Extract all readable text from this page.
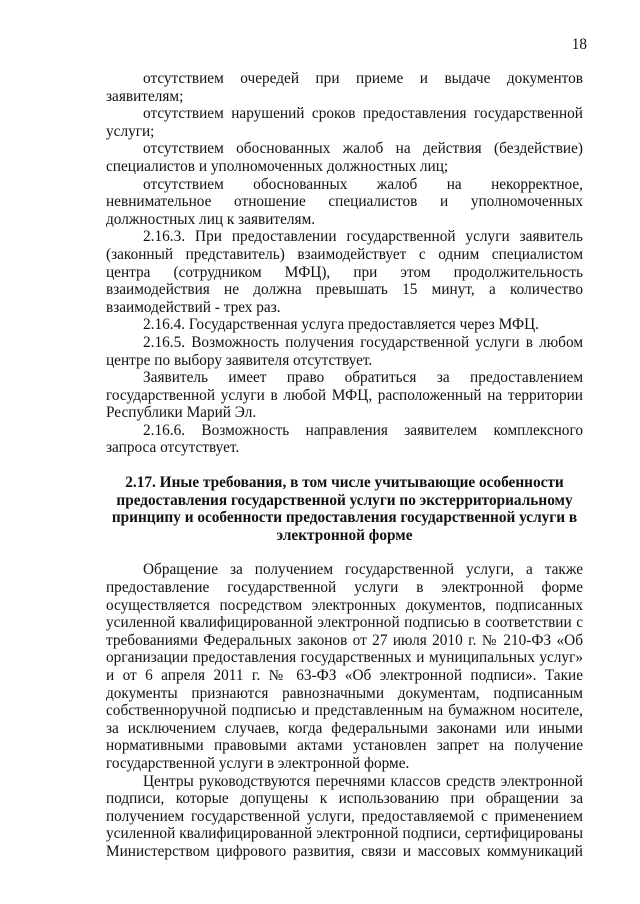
18

отсутствием очередей при приеме и выдаче документов заявителям;

отсутствием нарушений сроков предоставления государственной услуги;

отсутствием обоснованных жалоб на действия (бездействие) специалистов и уполномоченных должностных лиц;

отсутствием обоснованных жалоб на некорректное, невнимательное отношение специалистов и уполномоченных должностных лиц к заявителям.

2.16.3. При предоставлении государственной услуги заявитель (законный представитель) взаимодействует с одним специалистом центра (сотрудником МФЦ), при этом продолжительность взаимодействия не должна превышать 15 минут, а количество взаимодействий - трех раз.

2.16.4. Государственная услуга предоставляется через МФЦ.

2.16.5. Возможность получения государственной услуги в любом центре по выбору заявителя отсутствует.

Заявитель имеет право обратиться за предоставлением государственной услуги в любой МФЦ, расположенный на территории Республики Марий Эл.

2.16.6. Возможность направления заявителем комплексного запроса отсутствует.

2.17. Иные требования, в том числе учитывающие особенности предоставления государственной услуги по экстерриториальному принципу и особенности предоставления государственной услуги в электронной форме

Обращение за получением государственной услуги, а также предоставление государственной услуги в электронной форме осуществляется посредством электронных документов, подписанных усиленной квалифицированной электронной подписью в соответствии с требованиями Федеральных законов от 27 июля 2010 г. № 210-ФЗ «Об организации предоставления государственных и муниципальных услуг» и от 6 апреля 2011 г. № 63-ФЗ «Об электронной подписи». Такие документы признаются равнозначными документам, подписанным собственноручной подписью и представленным на бумажном носителе, за исключением случаев, когда федеральными законами или иными нормативными правовыми актами установлен запрет на получение государственной услуги в электронной форме.

Центры руководствуются перечнями классов средств электронной подписи, которые допущены к использованию при обращении за получением государственной услуги, предоставляемой с применением усиленной квалифицированной электронной подписи, сертифицированы Министерством цифрового развития, связи и массовых коммуникаций
